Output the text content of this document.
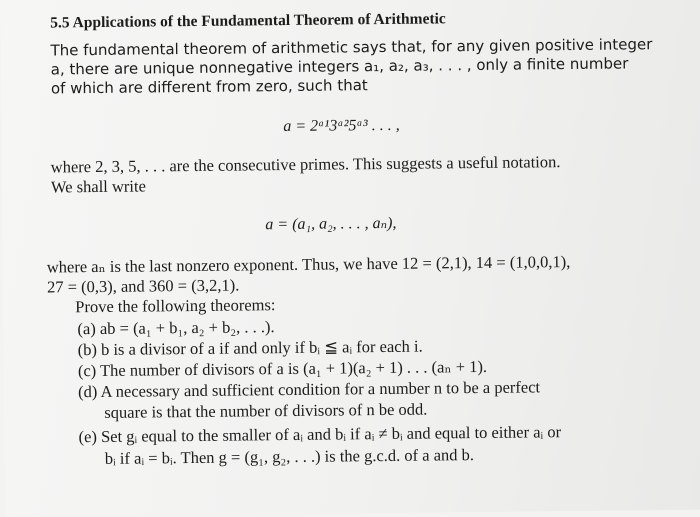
5.5 Applications of the Fundamental Theorem of Arithmetic
The fundamental theorem of arithmetic says that, for any given positive integer
a, there are unique nonnegative integers a₁, a₂, a₃, . . . , only a finite number
of which are different from zero, such that
a = 2ᵃ¹3ᵃ²5ᵃ³ . . . ,
where 2, 3, 5, . . . are the consecutive primes. This suggests a useful notation.
We shall write
a = (a₁, a₂, . . . , aₙ),
where aₙ is the last nonzero exponent. Thus, we have 12 = (2,1), 14 = (1,0,0,1),
27 = (0,3), and 360 = (3,2,1).
Prove the following theorems:
(a) ab = (a₁ + b₁, a₂ + b₂, . . .).
(b) b is a divisor of a if and only if bᵢ ≦ aᵢ for each i.
(c) The number of divisors of a is (a₁ + 1)(a₂ + 1) . . . (aₙ + 1).
(d) A necessary and sufficient condition for a number n to be a perfect
square is that the number of divisors of n be odd.
(e) Set gᵢ equal to the smaller of aᵢ and bᵢ if aᵢ ≠ bᵢ and equal to either aᵢ or
bᵢ if aᵢ = bᵢ. Then g = (g₁, g₂, . . .) is the g.c.d. of a and b.
